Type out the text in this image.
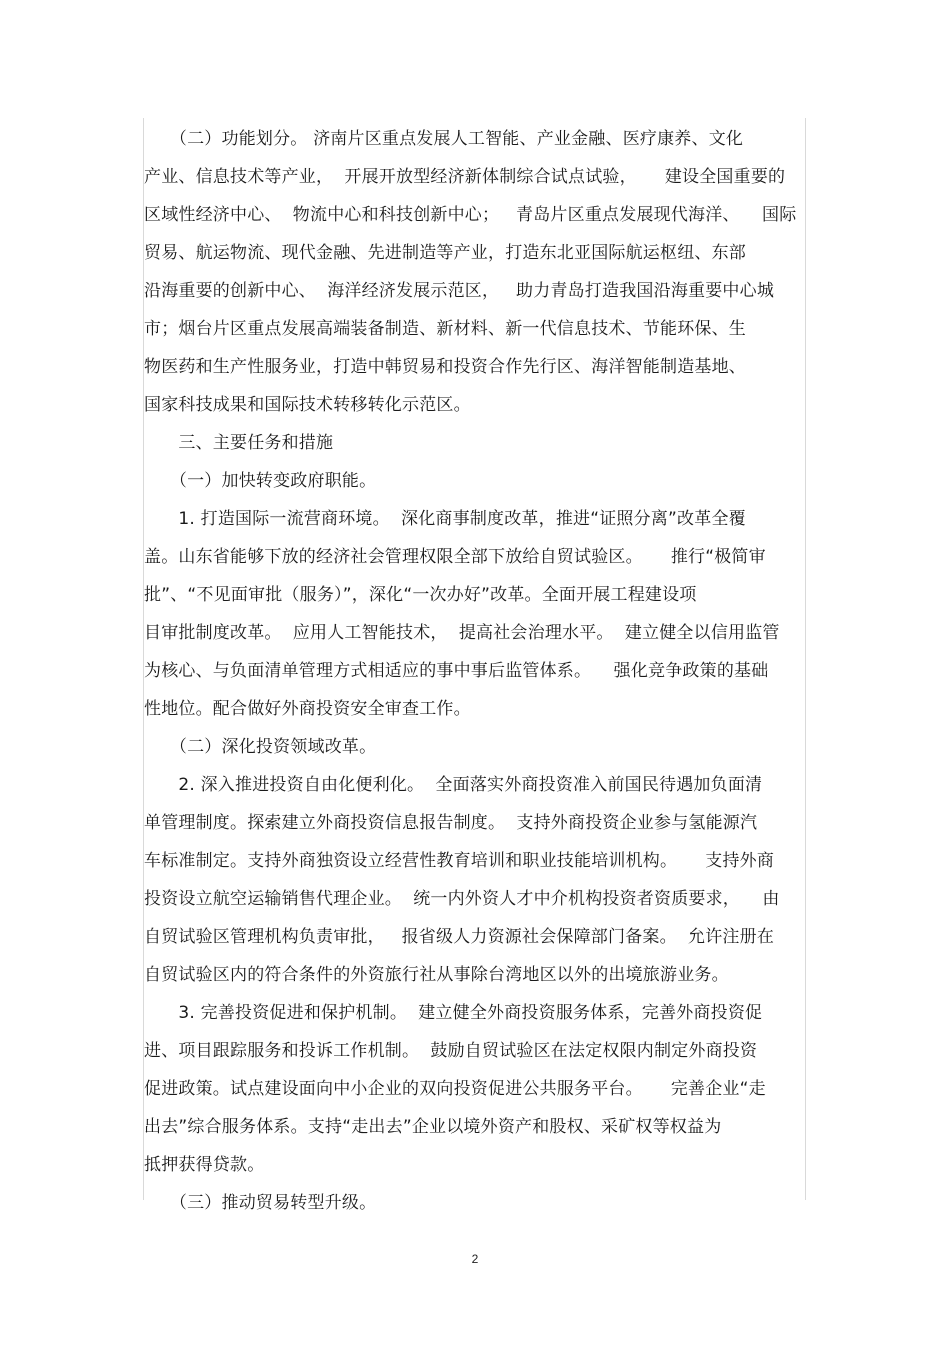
　　（二）功能划分。 济南片区重点发展人工智能、产业金融、医疗康养、文化
产业、信息技术等产业，  开展开放型经济新体制综合试点试验，     建设全国重要的
区域性经济中心、  物流中心和科技创新中心；   青岛片区重点发展现代海洋、    国际
贸易、航运物流、现代金融、先进制造等产业，打造东北亚国际航运枢纽、东部
沿海重要的创新中心、  海洋经济发展示范区，   助力青岛打造我国沿海重要中心城
市；烟台片区重点发展高端装备制造、新材料、新一代信息技术、节能环保、生
物医药和生产性服务业，打造中韩贸易和投资合作先行区、海洋智能制造基地、
国家科技成果和国际技术转移转化示范区。
　　三、主要任务和措施
　　（一）加快转变政府职能。
　　1. 打造国际一流营商环境。  深化商事制度改革，推进“证照分离”改革全覆
盖。山东省能够下放的经济社会管理权限全部下放给自贸试验区。     推行“极简审
批”、“不见面审批（服务）”，深化“一次办好”改革。全面开展工程建设项
目审批制度改革。  应用人工智能技术，  提高社会治理水平。  建立健全以信用监管
为核心、与负面清单管理方式相适应的事中事后监管体系。    强化竞争政策的基础
性地位。配合做好外商投资安全审查工作。
　　（二）深化投资领域改革。
　　2. 深入推进投资自由化便利化。  全面落实外商投资准入前国民待遇加负面清
单管理制度。探索建立外商投资信息报告制度。  支持外商投资企业参与氢能源汽
车标准制定。支持外商独资设立经营性教育培训和职业技能培训机构。     支持外商
投资设立航空运输销售代理企业。  统一内外资人才中介机构投资者资质要求，    由
自贸试验区管理机构负责审批，   报省级人力资源社会保障部门备案。  允许注册在
自贸试验区内的符合条件的外资旅行社从事除台湾地区以外的出境旅游业务。
　　3. 完善投资促进和保护机制。  建立健全外商投资服务体系，完善外商投资促
进、项目跟踪服务和投诉工作机制。  鼓励自贸试验区在法定权限内制定外商投资
促进政策。试点建设面向中小企业的双向投资促进公共服务平台。     完善企业“走
出去”综合服务体系。支持“走出去”企业以境外资产和股权、采矿权等权益为
抵押获得贷款。
　　（三）推动贸易转型升级。
2
